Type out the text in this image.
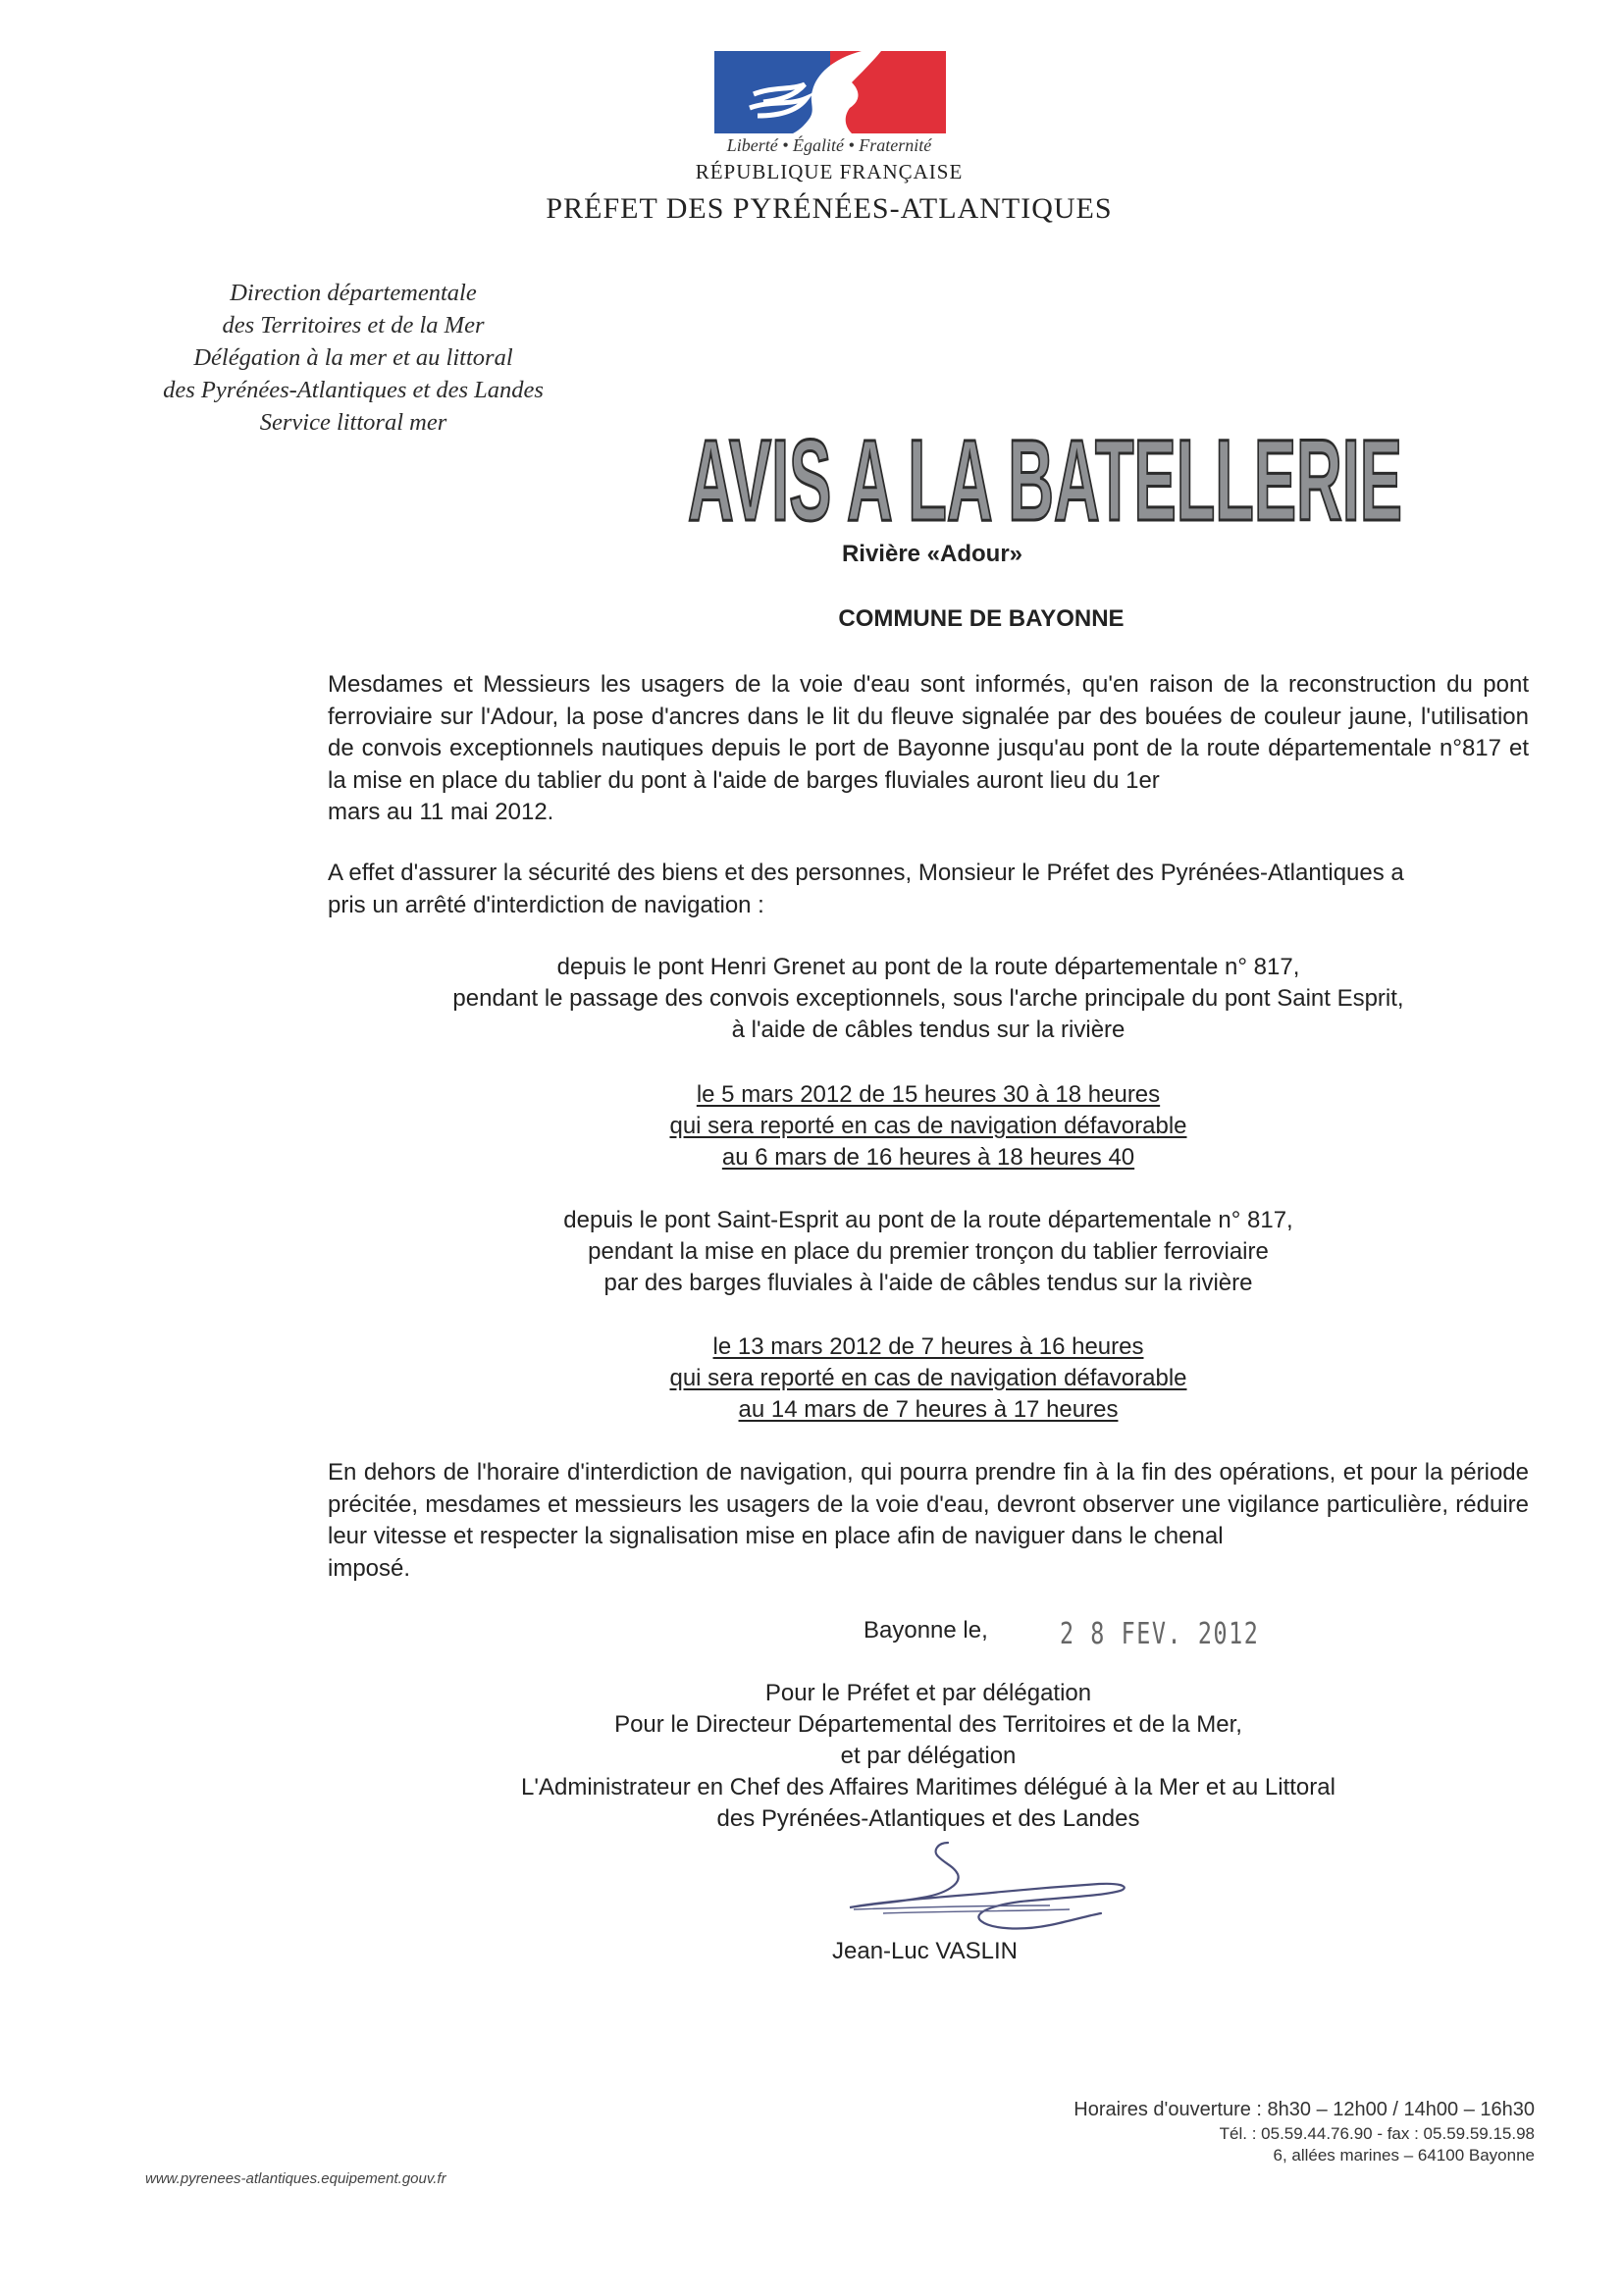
Liberté • Égalité • Fraternité
RÉPUBLIQUE FRANÇAISE
PRÉFET DES PYRÉNÉES-ATLANTIQUES
Direction départementale
des Territoires et de la Mer
Délégation à la mer et au littoral
des Pyrénées-Atlantiques et des Landes
Service littoral mer	AVIS A LA BATELLERIE
Rivière «Adour»
COMMUNE DE BAYONNE
Mesdames et Messieurs les usagers de la voie d'eau sont informés, qu'en raison de la reconstruction du pont ferroviaire sur l'Adour, la pose d'ancres dans le lit du fleuve signalée par des bouées de couleur jaune, l'utilisation de convois exceptionnels nautiques depuis le port de Bayonne jusqu'au pont de la route départementale n°817 et la mise en place du tablier du pont à l'aide de barges fluviales auront lieu du 1er
mars au 11 mai 2012.
A effet d'assurer la sécurité des biens et des personnes, Monsieur le Préfet des Pyrénées-Atlantiques a
pris un arrêté d'interdiction de navigation :
depuis le pont Henri Grenet au pont de la route départementale n° 817,
pendant le passage des convois exceptionnels, sous l'arche principale du pont Saint Esprit,
à l'aide de câbles tendus sur la rivière
le 5 mars 2012 de 15 heures 30 à 18 heures
qui sera reporté en cas de navigation défavorable
au 6 mars de 16 heures à 18 heures 40
depuis le pont Saint-Esprit au pont de la route départementale n° 817,
pendant la mise en place du premier tronçon du tablier ferroviaire
par des barges fluviales à l'aide de câbles tendus sur la rivière
le 13 mars 2012 de 7 heures à 16 heures
qui sera reporté en cas de navigation défavorable
au 14 mars de 7 heures à 17 heures
En dehors de l'horaire d'interdiction de navigation, qui pourra prendre fin à la fin des opérations, et pour la période précitée, mesdames et messieurs les usagers de la voie d'eau, devront observer une vigilance particulière, réduire leur vitesse et respecter la signalisation mise en place afin de naviguer dans le chenal
imposé.
Bayonne le, 2 8 FEV. 2012
Pour le Préfet et par délégation
Pour le Directeur Départemental des Territoires et de la Mer,
et par délégation
L'Administrateur en Chef des Affaires Maritimes délégué à la Mer et au Littoral
des Pyrénées-Atlantiques et des Landes
Jean-Luc VASLIN
Horaires d'ouverture : 8h30 – 12h00 / 14h00 – 16h30
Tél. : 05.59.44.76.90 - fax : 05.59.59.15.98
6, allées marines – 64100 Bayonne
www.pyrenees-atlantiques.equipement.gouv.fr
